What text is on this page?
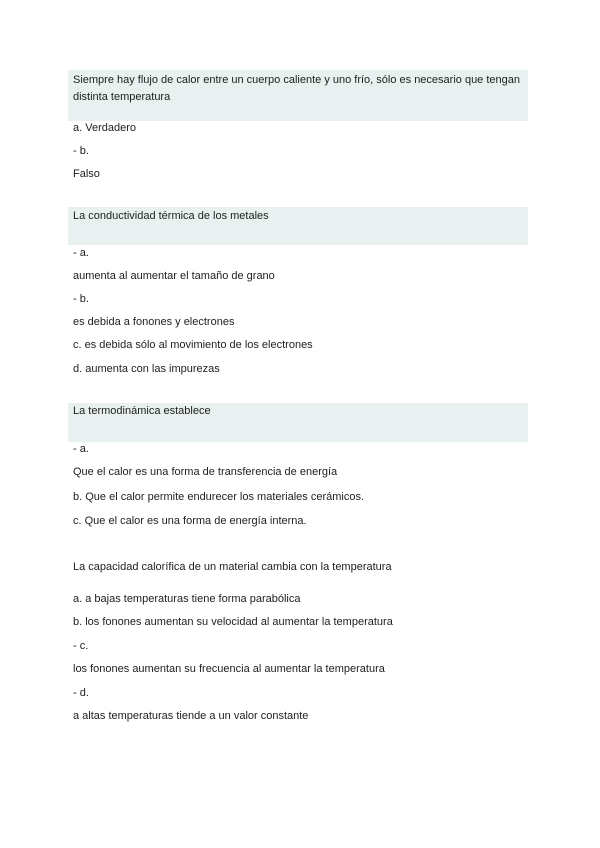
Siempre hay flujo de calor entre un cuerpo caliente y uno frío, sólo es necesario que tengan distinta temperatura
a. Verdadero
- b.
Falso
La conductividad térmica de los metales
- a.
aumenta al aumentar el tamaño de grano
- b.
es debida a fonones y electrones
c. es debida sólo al movimiento de los electrones
d. aumenta con las impurezas
La termodinámica establece
- a.
Que el calor es una forma de transferencia de energía
b. Que el calor permite endurecer los materiales cerámicos.
c. Que el calor es una forma de energía interna.
La capacidad calorífica de un material cambia con la temperatura
a. a bajas temperaturas tiene forma parabólica
b. los fonones aumentan su velocidad al aumentar la temperatura
- c.
los fonones aumentan su frecuencia al aumentar la temperatura
- d.
a altas temperaturas tiende a un valor constante
